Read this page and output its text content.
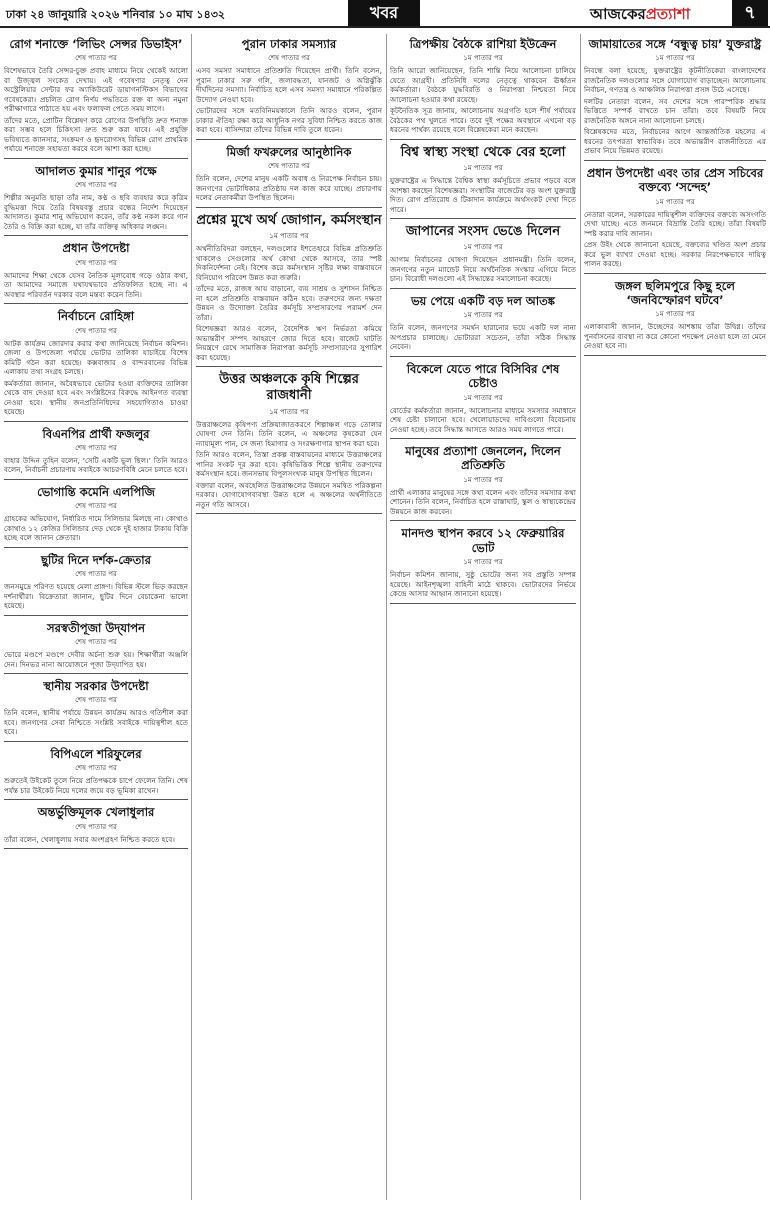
ঢাকা ২৪ জানুয়ারি ২০২৬ শনিবার ১০ মাঘ ১৪৩২	খবর	আজকেরপ্রত্যাশা	৭
রোগ শনাক্তে ‘লিভিং সেন্সর ডিভাইস’
শেষ পাতার পর

বিশেষভাবে তৈরি সেন্সর-চুক্ত প্রবাহ মাধ্যমে নিয়ে থেকেই আলো বা উজ্জ্বল সংকেত দেখায়। এই গবেষণার নেতৃত্ব দেন অস্ট্রেলিয়ার সেন্টার ফর অ্যাকিউরেট ডায়াগনস্টিকস বিভাগের গবেষকেরা। প্রচলিত রোগ নির্ণয় পদ্ধতিতে রক্ত বা অন্য নমুনা পরীক্ষাগারে পাঠাতে হয় এবং ফলাফল পেতে সময় লাগে।

তাঁদের মতে, প্রোটিন বিশ্লেষণ করে রোগের উপস্থিতি দ্রুত শনাক্ত করা সম্ভব হলে চিকিৎসা দ্রুত শুরু করা যাবে। এই প্রযুক্তি ভবিষ্যতে ক্যানসার, সংক্রমণ ও হৃদরোগসহ বিভিন্ন রোগ প্রাথমিক পর্যায়ে শনাক্তে সহায়তা করবে বলে আশা করা হচ্ছে।

আদালত কুমার শানুর পক্ষে
শেষ পাতার পর

শিল্পীর অনুমতি ছাড়া তাঁর নাম, কণ্ঠ ও ছবি ব্যবহার করে কৃত্রিম বুদ্ধিমত্তা দিয়ে তৈরি বিষয়বস্তু প্রচার বন্ধের নির্দেশ দিয়েছেন আদালত। কুমার শানু অভিযোগ করেন, তাঁর কণ্ঠ নকল করে গান তৈরি ও বিক্রি করা হচ্ছে, যা তাঁর ব্যক্তিত্ব অধিকার লঙ্ঘন।

প্রধান উপদেষ্টা
শেষ পাতার পর

আমাদের শিক্ষা থেকে যেসব নৈতিক মূল্যবোধ গড়ে ওঠার কথা, তা আমাদের সমাজে যথাযথভাবে প্রতিফলিত হচ্ছে না। এ অবস্থার পরিবর্তন দরকার বলে মন্তব্য করেন তিনি।

নির্বাচনে রোহিঙ্গা
শেষ পাতার পর

আটক কার্যক্রম জোরদার করার কথা জানিয়েছে নির্বাচন কমিশন। জেলা ও উপজেলা পর্যায়ে ভোটার তালিকা যাচাইয়ে বিশেষ কমিটি গঠন করা হয়েছে। কক্সবাজার ও বান্দরবানের বিভিন্ন এলাকায় তথ্য সংগ্রহ চলছে।

কর্মকর্তারা জানান, অবৈধভাবে ভোটার হওয়া ব্যক্তিদের তালিকা থেকে বাদ দেওয়া হবে এবং সংশ্লিষ্টদের বিরুদ্ধে আইনগত ব্যবস্থা নেওয়া হবে। স্থানীয় জনপ্রতিনিধিদের সহযোগিতাও চাওয়া হয়েছে।

বিএনপির প্রার্থী ফজলুর
শেষ পাতার পর

বাহার উদ্দিন তুহিন বলেন, ‘সেটি একটি ভুল ছিল।’ তিনি আরও বলেন, নির্বাচনী প্রচারণায় সবাইকে আচরণবিধি মেনে চলতে হবে।

ভোগান্তি কমেনি এলপিজি
শেষ পাতার পর

গ্রাহকের অভিযোগ, নির্ধারিত দামে সিলিন্ডার মিলছে না। কোথাও কোথাও ১২ কেজির সিলিন্ডার দেড় থেকে দুই হাজার টাকায় বিক্রি হচ্ছে বলে জানান ক্রেতারা।

ছুটির দিনে দর্শক-ক্রেতার
শেষ পাতার পর

জনসমুদ্রে পরিণত হয়েছে মেলা প্রাঙ্গণ। বিভিন্ন স্টলে ভিড় করছেন দর্শনার্থীরা। বিক্রেতারা জানান, ছুটির দিনে বেচাকেনা ভালো হয়েছে।

সরস্বতীপূজা উদ্‌যাপন
শেষ পাতার পর

ভোরে মণ্ডপে মণ্ডপে দেবীর অর্চনা শুরু হয়। শিক্ষার্থীরা অঞ্জলি দেন। দিনভর নানা আয়োজনে পূজা উদ্‌যাপিত হয়।

স্থানীয় সরকার উপদেষ্টা
শেষ পাতার পর

তিনি বলেন, স্থানীয় পর্যায়ে উন্নয়ন কার্যক্রম আরও গতিশীল করা হবে। জনগণের সেবা নিশ্চিতে সংশ্লিষ্ট সবাইকে দায়িত্বশীল হতে হবে।

বিপিএলে শরিফুলের
শেষ পাতার পর

শুরুতেই উইকেট তুলে নিয়ে প্রতিপক্ষকে চাপে ফেলেন তিনি। শেষ পর্যন্ত চার উইকেট নিয়ে দলের জয়ে বড় ভূমিকা রাখেন।

অন্তর্ভুক্তিমূলক খেলাধুলার
শেষ পাতার পর

তাঁরা বলেন, খেলাধুলায় সবার অংশগ্রহণ নিশ্চিত করতে হবে।

পুরান ঢাকার সমস্যার
শেষ পাতার পর

এসব সমস্যা সমাধানে প্রতিশ্রুতি দিয়েছেন প্রার্থী। তিনি বলেন, পুরান ঢাকার সরু গলি, জলাবদ্ধতা, যানজট ও অগ্নিঝুঁকি দীর্ঘদিনের সমস্যা। নির্বাচিত হলে এসব সমস্যা সমাধানে পরিকল্পিত উদ্যোগ নেওয়া হবে।

ভোটারদের সঙ্গে মতবিনিময়কালে তিনি আরও বলেন, পুরান ঢাকার ঐতিহ্য রক্ষা করে আধুনিক নগর সুবিধা নিশ্চিত করতে কাজ করা হবে। বাসিন্দারা তাঁদের বিভিন্ন দাবি তুলে ধরেন।

মির্জা ফখরুলের আনুষ্ঠানিক
শেষ পাতার পর

তিনি বলেন, দেশের মানুষ একটি অবাধ ও নিরপেক্ষ নির্বাচন চায়। জনগণের ভোটাধিকার প্রতিষ্ঠায় দল কাজ করে যাচ্ছে। প্রচারণায় দলের নেতাকর্মীরা উপস্থিত ছিলেন।

প্রশ্নের মুখে অর্থ জোগান, কর্মসংস্থান
১ম পাতার পর

অর্থনীতিবিদরা বলছেন, দলগুলোর ইশতেহারে বিভিন্ন প্রতিশ্রুতি থাকলেও সেগুলোর অর্থ কোথা থেকে আসবে, তার স্পষ্ট দিকনির্দেশনা নেই। বিশেষ করে কর্মসংস্থান সৃষ্টির লক্ষ্য বাস্তবায়নে বিনিয়োগ পরিবেশ উন্নত করা জরুরি।

তাঁদের মতে, রাজস্ব আয় বাড়ানো, ব্যয় সাশ্রয় ও সুশাসন নিশ্চিত না হলে প্রতিশ্রুতি বাস্তবায়ন কঠিন হবে। তরুণদের জন্য দক্ষতা উন্নয়ন ও উদ্যোক্তা তৈরির কর্মসূচি সম্প্রসারণের পরামর্শ দেন তাঁরা।

বিশেষজ্ঞরা আরও বলেন, বৈদেশিক ঋণ নির্ভরতা কমিয়ে অভ্যন্তরীণ সম্পদ আহরণে জোর দিতে হবে। বাজেট ঘাটতি নিয়ন্ত্রণে রেখে সামাজিক নিরাপত্তা কর্মসূচি সম্প্রসারণের সুপারিশ করা হয়েছে।

উত্তর অঞ্চলকে কৃষি শিল্পের রাজধানী
১ম পাতার পর

উত্তরাঞ্চলের কৃষিপণ্য প্রক্রিয়াজাতকরণে শিল্পাঞ্চল গড়ে তোলার ঘোষণা দেন তিনি। তিনি বলেন, এ অঞ্চলের কৃষকেরা যেন ন্যায্যমূল্য পান, সে জন্য হিমাগার ও সংরক্ষণাগার স্থাপন করা হবে।

তিনি আরও বলেন, তিস্তা প্রকল্প বাস্তবায়নের মাধ্যমে উত্তরাঞ্চলের পানির সংকট দূর করা হবে। কৃষিভিত্তিক শিল্পে স্থানীয় তরুণদের কর্মসংস্থান হবে। জনসভায় বিপুলসংখ্যক মানুষ উপস্থিত ছিলেন।

বক্তারা বলেন, অবহেলিত উত্তরাঞ্চলের উন্নয়নে সমন্বিত পরিকল্পনা দরকার। যোগাযোগব্যবস্থা উন্নত হলে এ অঞ্চলের অর্থনীতিতে নতুন গতি আসবে।

ত্রিপক্ষীয় বৈঠকে রাশিয়া ইউক্রেন
১ম পাতার পর

তিনি আরো জানিয়েছেন, তিনি শান্তি নিয়ে আলোচনা চালিয়ে যেতে আগ্রহী। প্রতিনিধি দলের নেতৃত্বে থাকবেন ঊর্ধ্বতন কর্মকর্তারা। বৈঠকে যুদ্ধবিরতি ও নিরাপত্তা নিশ্চয়তা নিয়ে আলোচনা হওয়ার কথা রয়েছে।

কূটনৈতিক সূত্র জানায়, আলোচনায় অগ্রগতি হলে শীর্ষ পর্যায়ের বৈঠকের পথ খুলতে পারে। তবে দুই পক্ষের অবস্থানে এখনো বড় ধরনের পার্থক্য রয়েছে বলে বিশ্লেষকেরা মনে করছেন।

বিশ্ব স্বাস্থ্য সংস্থা থেকে বের হলো
১ম পাতার পর

যুক্তরাষ্ট্রের এ সিদ্ধান্তে বৈশ্বিক স্বাস্থ্য কর্মসূচিতে প্রভাব পড়বে বলে আশঙ্কা করছেন বিশেষজ্ঞরা। সংস্থাটির বাজেটের বড় অংশ যুক্তরাষ্ট্র দিত। রোগ প্রতিরোধ ও টিকাদান কার্যক্রমে অর্থসংকট দেখা দিতে পারে।

জাপানের সংসদ ভেঙে দিলেন
১ম পাতার পর

আগাম নির্বাচনের ঘোষণা দিয়েছেন প্রধানমন্ত্রী। তিনি বলেন, জনগণের নতুন ম্যান্ডেট নিয়ে অর্থনৈতিক সংস্কার এগিয়ে নিতে চান। বিরোধী দলগুলো এই সিদ্ধান্তের সমালোচনা করেছে।

ভয় পেয়ে একটি বড় দল আতঙ্ক
১ম পাতার পর

তিনি বলেন, জনগণের সমর্থন হারানোর ভয়ে একটি দল নানা অপপ্রচার চালাচ্ছে। ভোটাররা সচেতন, তাঁরা সঠিক সিদ্ধান্ত নেবেন।

বিকেলে যেতে পারে বিসিবির শেষ চেষ্টাও
১ম পাতার পর

বোর্ডের কর্মকর্তারা জানান, আলোচনার মাধ্যমে সমস্যার সমাধানে শেষ চেষ্টা চালানো হবে। খেলোয়াড়দের দাবিগুলো বিবেচনায় নেওয়া হচ্ছে। তবে সিদ্ধান্ত আসতে আরও সময় লাগতে পারে।

মানুষের প্রত্যাশা জেনলেন, দিলেন প্রতিশ্রুতি
১ম পাতার পর

প্রার্থী এলাকার মানুষের সঙ্গে কথা বলেন এবং তাঁদের সমস্যার কথা শোনেন। তিনি বলেন, নির্বাচিত হলে রাস্তাঘাট, স্কুল ও স্বাস্থ্যকেন্দ্রের উন্নয়নে কাজ করবেন।

মানদণ্ড স্থাপন করবে ১২ ফেব্রুয়ারির ভোট
১ম পাতার পর

নির্বাচন কমিশন জানায়, সুষ্ঠু ভোটের জন্য সব প্রস্তুতি সম্পন্ন হয়েছে। আইনশৃঙ্খলা বাহিনী মাঠে থাকবে। ভোটারদের নির্ভয়ে কেন্দ্রে আসার আহ্বান জানানো হয়েছে।

জামায়াতের সঙ্গে ‘বন্ধুত্ব চায়’ যুক্তরাষ্ট্র
১ম পাতার পর

নিবন্ধে বলা হয়েছে, যুক্তরাষ্ট্রের কূটনীতিকেরা বাংলাদেশের রাজনৈতিক দলগুলোর সঙ্গে যোগাযোগ বাড়াচ্ছেন। আলোচনায় নির্বাচন, গণতন্ত্র ও আঞ্চলিক নিরাপত্তা প্রসঙ্গ উঠে এসেছে।

দলটির নেতারা বলেন, সব দেশের সঙ্গে পারস্পরিক শ্রদ্ধার ভিত্তিতে সম্পর্ক রাখতে চান তাঁরা। তবে বিষয়টি নিয়ে রাজনৈতিক অঙ্গনে নানা আলোচনা চলছে।

বিশ্লেষকদের মতে, নির্বাচনের আগে আন্তর্জাতিক মহলের এ ধরনের তৎপরতা স্বাভাবিক। তবে অভ্যন্তরীণ রাজনীতিতে এর প্রভাব নিয়ে ভিন্নমত রয়েছে।

প্রধান উপদেষ্টা এবং তার প্রেস সচিবের বক্তব্যে ‘সন্দেহ’
১ম পাতার পর

নেতারা বলেন, সরকারের দায়িত্বশীল ব্যক্তিদের বক্তব্যে অসংগতি দেখা যাচ্ছে। এতে জনমনে বিভ্রান্তি তৈরি হচ্ছে। তাঁরা বিষয়টি স্পষ্ট করার দাবি জানান।

প্রেস উইং থেকে জানানো হয়েছে, বক্তব্যের খণ্ডিত অংশ প্রচার করে ভুল ব্যাখ্যা দেওয়া হচ্ছে। সরকার নিরপেক্ষভাবে দায়িত্ব পালন করছে।

জঙ্গল ছলিমপুরে কিছু হলে ‘জনবিস্ফোরণ ঘটবে’
১ম পাতার পর

এলাকাবাসী জানান, উচ্ছেদের আশঙ্কায় তাঁরা উদ্বিগ্ন। তাঁদের পুনর্বাসনের ব্যবস্থা না করে কোনো পদক্ষেপ নেওয়া হলে তা মেনে নেওয়া হবে না।
